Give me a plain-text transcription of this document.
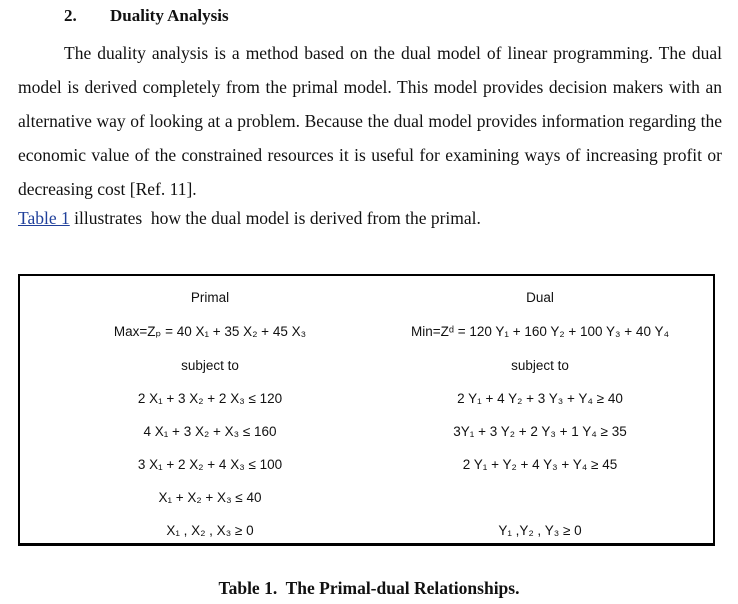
2. Duality Analysis
The duality analysis is a method based on the dual model of linear programming. The dual model is derived completely from the primal model. This model provides decision makers with an alternative way of looking at a problem. Because the dual model provides information regarding the economic value of the constrained resources it is useful for examining ways of increasing profit or decreasing cost [Ref. 11].
Table 1 illustrates  how the dual model is derived from the primal.
Primal
Max=Zₚ = 40 X₁ + 35 X₂ + 45 X₃
subject to
2 X₁ + 3 X₂ + 2 X₃ ≤ 120
4 X₁ + 3 X₂ + X₃ ≤ 160
3 X₁ + 2 X₂ + 4 X₃ ≤ 100
X₁ + X₂ + X₃ ≤ 40
X₁ , X₂ , X₃ ≥ 0
Dual
Min=Zᵈ = 120 Y₁ + 160 Y₂ + 100 Y₃ + 40 Y₄
subject to
2 Y₁ + 4 Y₂ + 3 Y₃ + Y₄ ≥ 40
3Y₁ + 3 Y₂ + 2 Y₃ + 1 Y₄ ≥ 35
2 Y₁ + Y₂ + 4 Y₃ + Y₄ ≥ 45
Y₁ ,Y₂ , Y₃ ≥ 0
Table 1.  The Primal-dual Relationships.
